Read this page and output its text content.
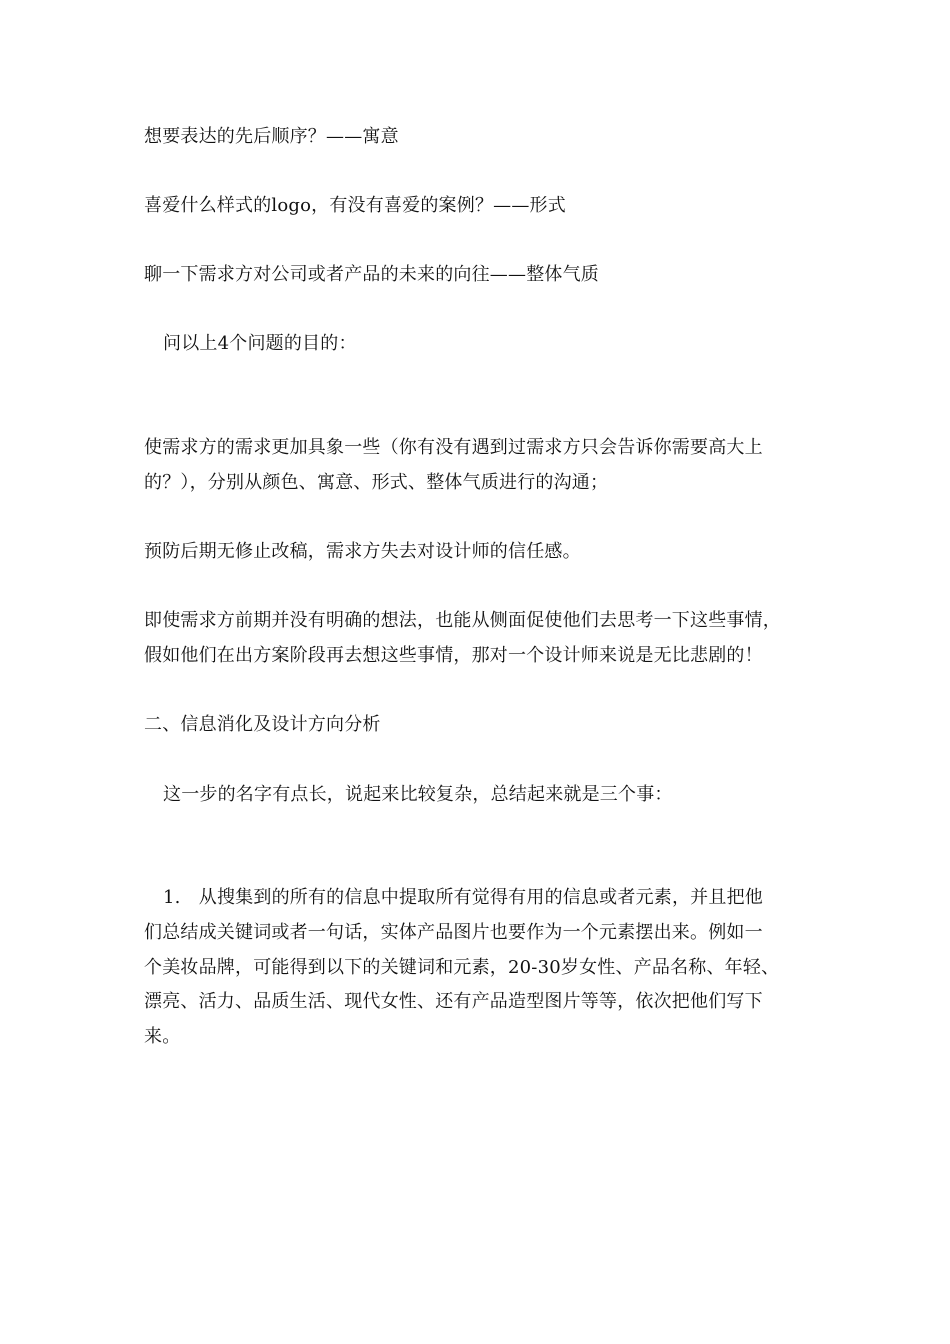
想要表达的先后顺序？——寓意
喜爱什么样式的logo，有没有喜爱的案例？——形式
聊一下需求方对公司或者产品的未来的向往——整体气质
问以上4个问题的目的：
使需求方的需求更加具象一些（你有没有遇到过需求方只会告诉你需要高大上
的？），分别从颜色、寓意、形式、整体气质进行的沟通；
预防后期无修止改稿，需求方失去对设计师的信任感。
即使需求方前期并没有明确的想法，也能从侧面促使他们去思考一下这些事情，
假如他们在出方案阶段再去想这些事情，那对一个设计师来说是无比悲剧的！
二、信息消化及设计方向分析
这一步的名字有点长，说起来比较复杂，总结起来就是三个事：
1.　从搜集到的所有的信息中提取所有觉得有用的信息或者元素，并且把他
们总结成关键词或者一句话，实体产品图片也要作为一个元素摆出来。例如一
个美妆品牌，可能得到以下的关键词和元素，20-30岁女性、产品名称、年轻、
漂亮、活力、品质生活、现代女性、还有产品造型图片等等，依次把他们写下
来。
